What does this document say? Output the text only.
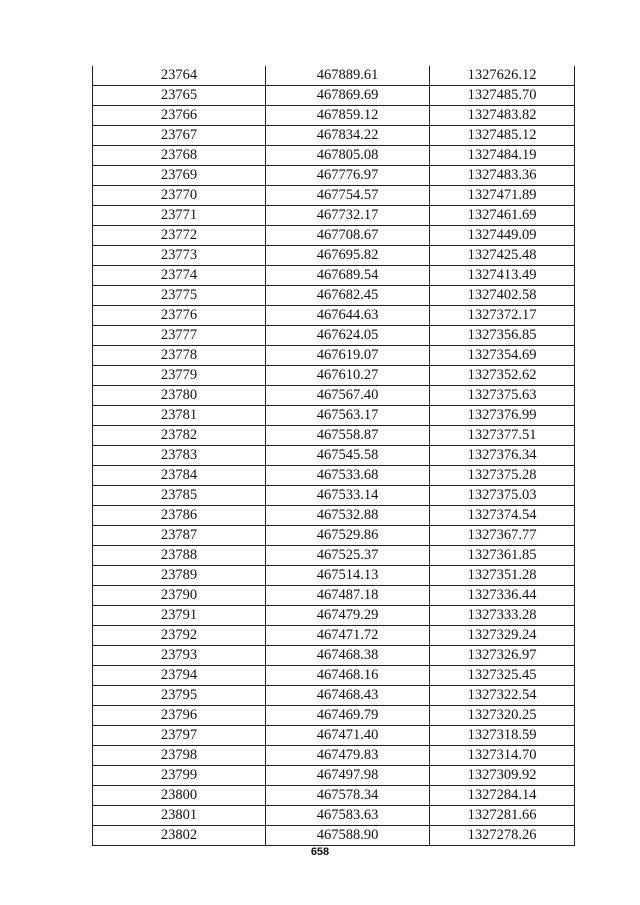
23764	467889.61	1327626.12
23765	467869.69	1327485.70
23766	467859.12	1327483.82
23767	467834.22	1327485.12
23768	467805.08	1327484.19
23769	467776.97	1327483.36
23770	467754.57	1327471.89
23771	467732.17	1327461.69
23772	467708.67	1327449.09
23773	467695.82	1327425.48
23774	467689.54	1327413.49
23775	467682.45	1327402.58
23776	467644.63	1327372.17
23777	467624.05	1327356.85
23778	467619.07	1327354.69
23779	467610.27	1327352.62
23780	467567.40	1327375.63
23781	467563.17	1327376.99
23782	467558.87	1327377.51
23783	467545.58	1327376.34
23784	467533.68	1327375.28
23785	467533.14	1327375.03
23786	467532.88	1327374.54
23787	467529.86	1327367.77
23788	467525.37	1327361.85
23789	467514.13	1327351.28
23790	467487.18	1327336.44
23791	467479.29	1327333.28
23792	467471.72	1327329.24
23793	467468.38	1327326.97
23794	467468.16	1327325.45
23795	467468.43	1327322.54
23796	467469.79	1327320.25
23797	467471.40	1327318.59
23798	467479.83	1327314.70
23799	467497.98	1327309.92
23800	467578.34	1327284.14
23801	467583.63	1327281.66
23802	467588.90	1327278.26
658
